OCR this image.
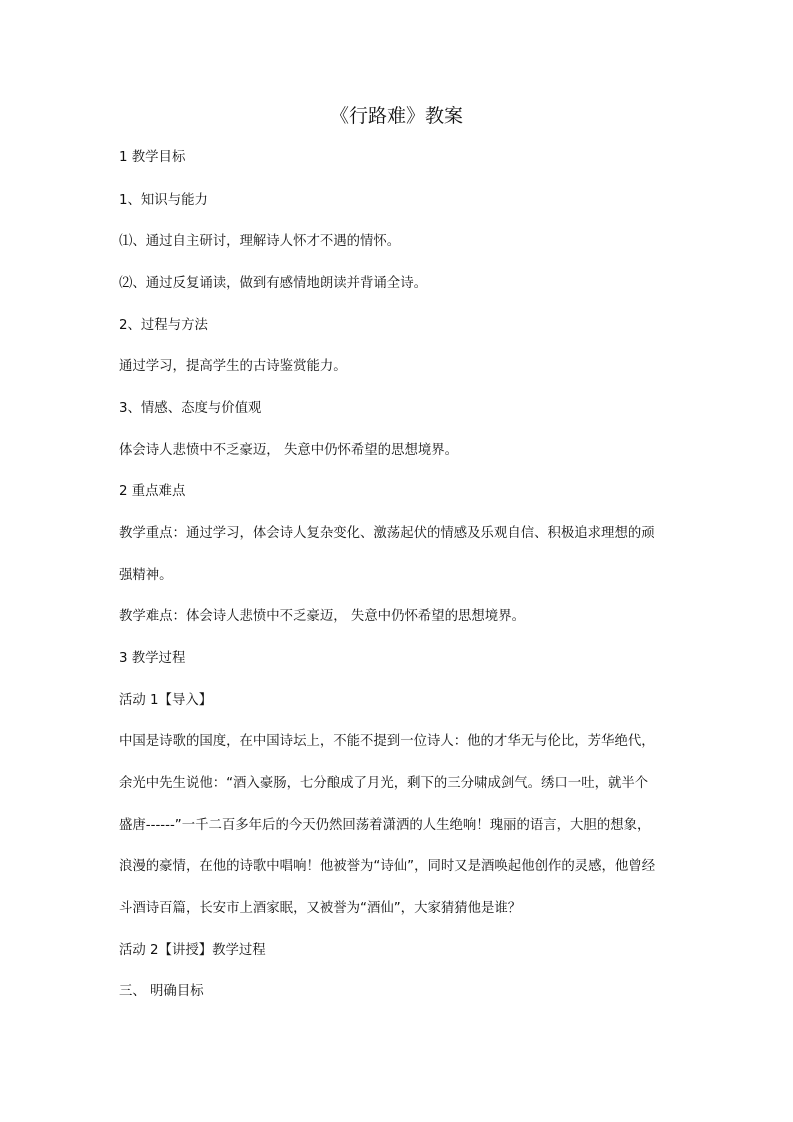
《行路难》教案
1 教学目标
1、知识与能力
⑴、通过自主研讨，理解诗人怀才不遇的情怀。
⑵、通过反复诵读，做到有感情地朗读并背诵全诗。
2、过程与方法
通过学习，提高学生的古诗鉴赏能力。
3、情感、态度与价值观
体会诗人悲愤中不乏豪迈， 失意中仍怀希望的思想境界。
2 重点难点
教学重点：通过学习，体会诗人复杂变化、激荡起伏的情感及乐观自信、积极追求理想的顽
强精神。
教学难点：体会诗人悲愤中不乏豪迈， 失意中仍怀希望的思想境界。
3 教学过程
活动 1【导入】
中国是诗歌的国度，在中国诗坛上，不能不提到一位诗人：他的才华无与伦比，芳华绝代，
余光中先生说他：“酒入豪肠，七分酿成了月光，剩下的三分啸成剑气。绣口一吐，就半个
盛唐------”一千二百多年后的今天仍然回荡着潇洒的人生绝响！瑰丽的语言，大胆的想象，
浪漫的豪情，在他的诗歌中唱响！他被誉为“诗仙”，同时又是酒唤起他创作的灵感，他曾经
斗酒诗百篇，长安市上酒家眠，又被誉为“酒仙”，大家猜猜他是谁？
活动 2【讲授】教学过程
三、 明确目标
